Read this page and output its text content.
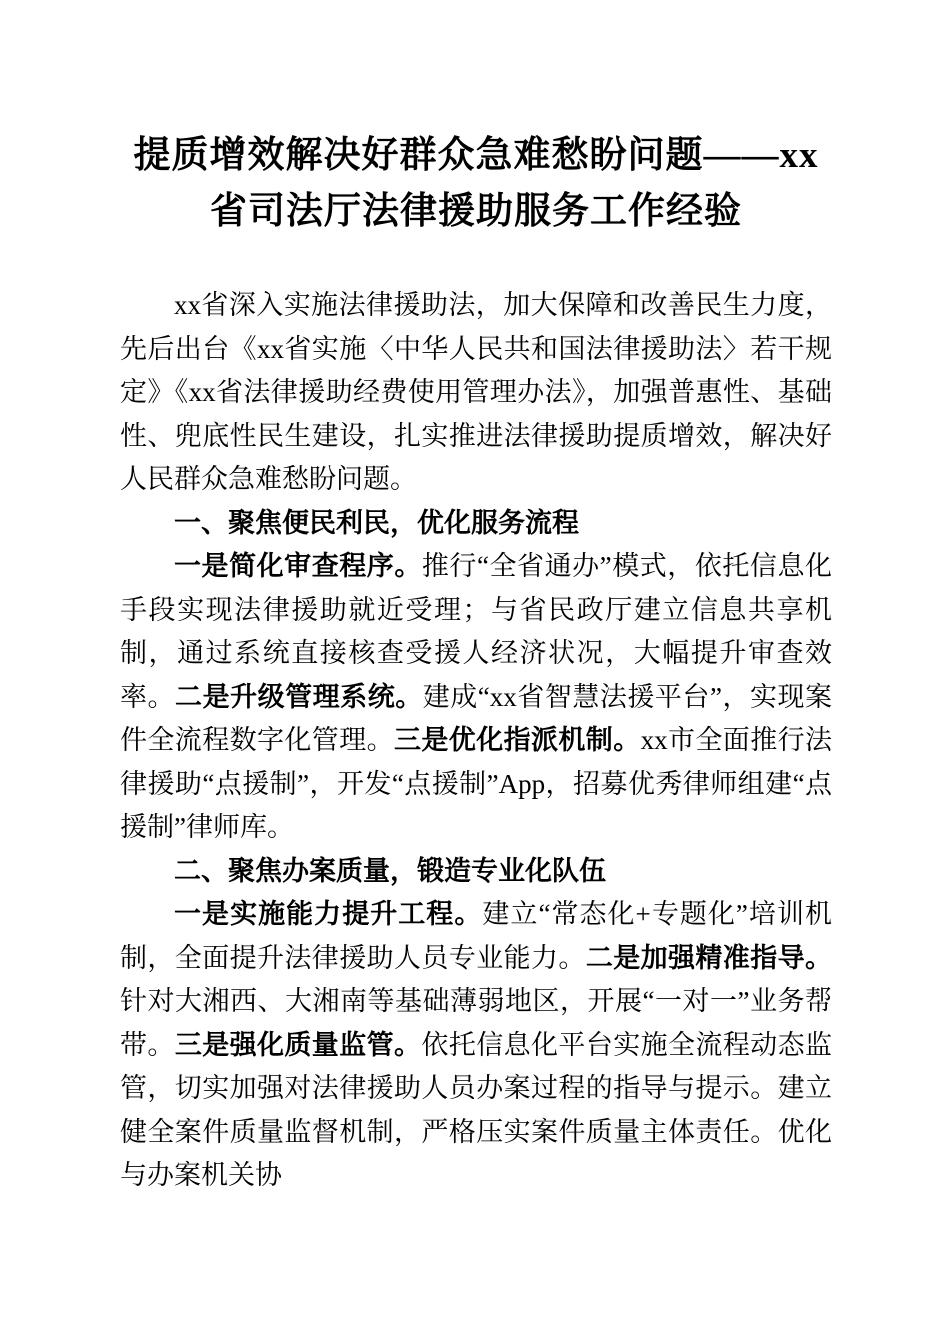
提质增效解决好群众急难愁盼问题——xx省司法厅法律援助服务工作经验

xx省深入实施法律援助法，加大保障和改善民生力度，先后出台《xx省实施〈中华人民共和国法律援助法〉若干规定》《xx省法律援助经费使用管理办法》，加强普惠性、基础性、兜底性民生建设，扎实推进法律援助提质增效，解决好人民群众急难愁盼问题。

一、聚焦便民利民，优化服务流程

一是简化审查程序。推行“全省通办”模式，依托信息化手段实现法律援助就近受理；与省民政厅建立信息共享机制，通过系统直接核查受援人经济状况，大幅提升审查效率。二是升级管理系统。建成“xx省智慧法援平台”，实现案件全流程数字化管理。三是优化指派机制。xx市全面推行法律援助“点援制”，开发“点援制”App，招募优秀律师组建“点援制”律师库。

二、聚焦办案质量，锻造专业化队伍

一是实施能力提升工程。建立“常态化+专题化”培训机制，全面提升法律援助人员专业能力。二是加强精准指导。针对大湘西、大湘南等基础薄弱地区，开展“一对一”业务帮带。三是强化质量监管。依托信息化平台实施全流程动态监管，切实加强对法律援助人员办案过程的指导与提示。建立健全案件质量监督机制，严格压实案件质量主体责任。优化与办案机关协
